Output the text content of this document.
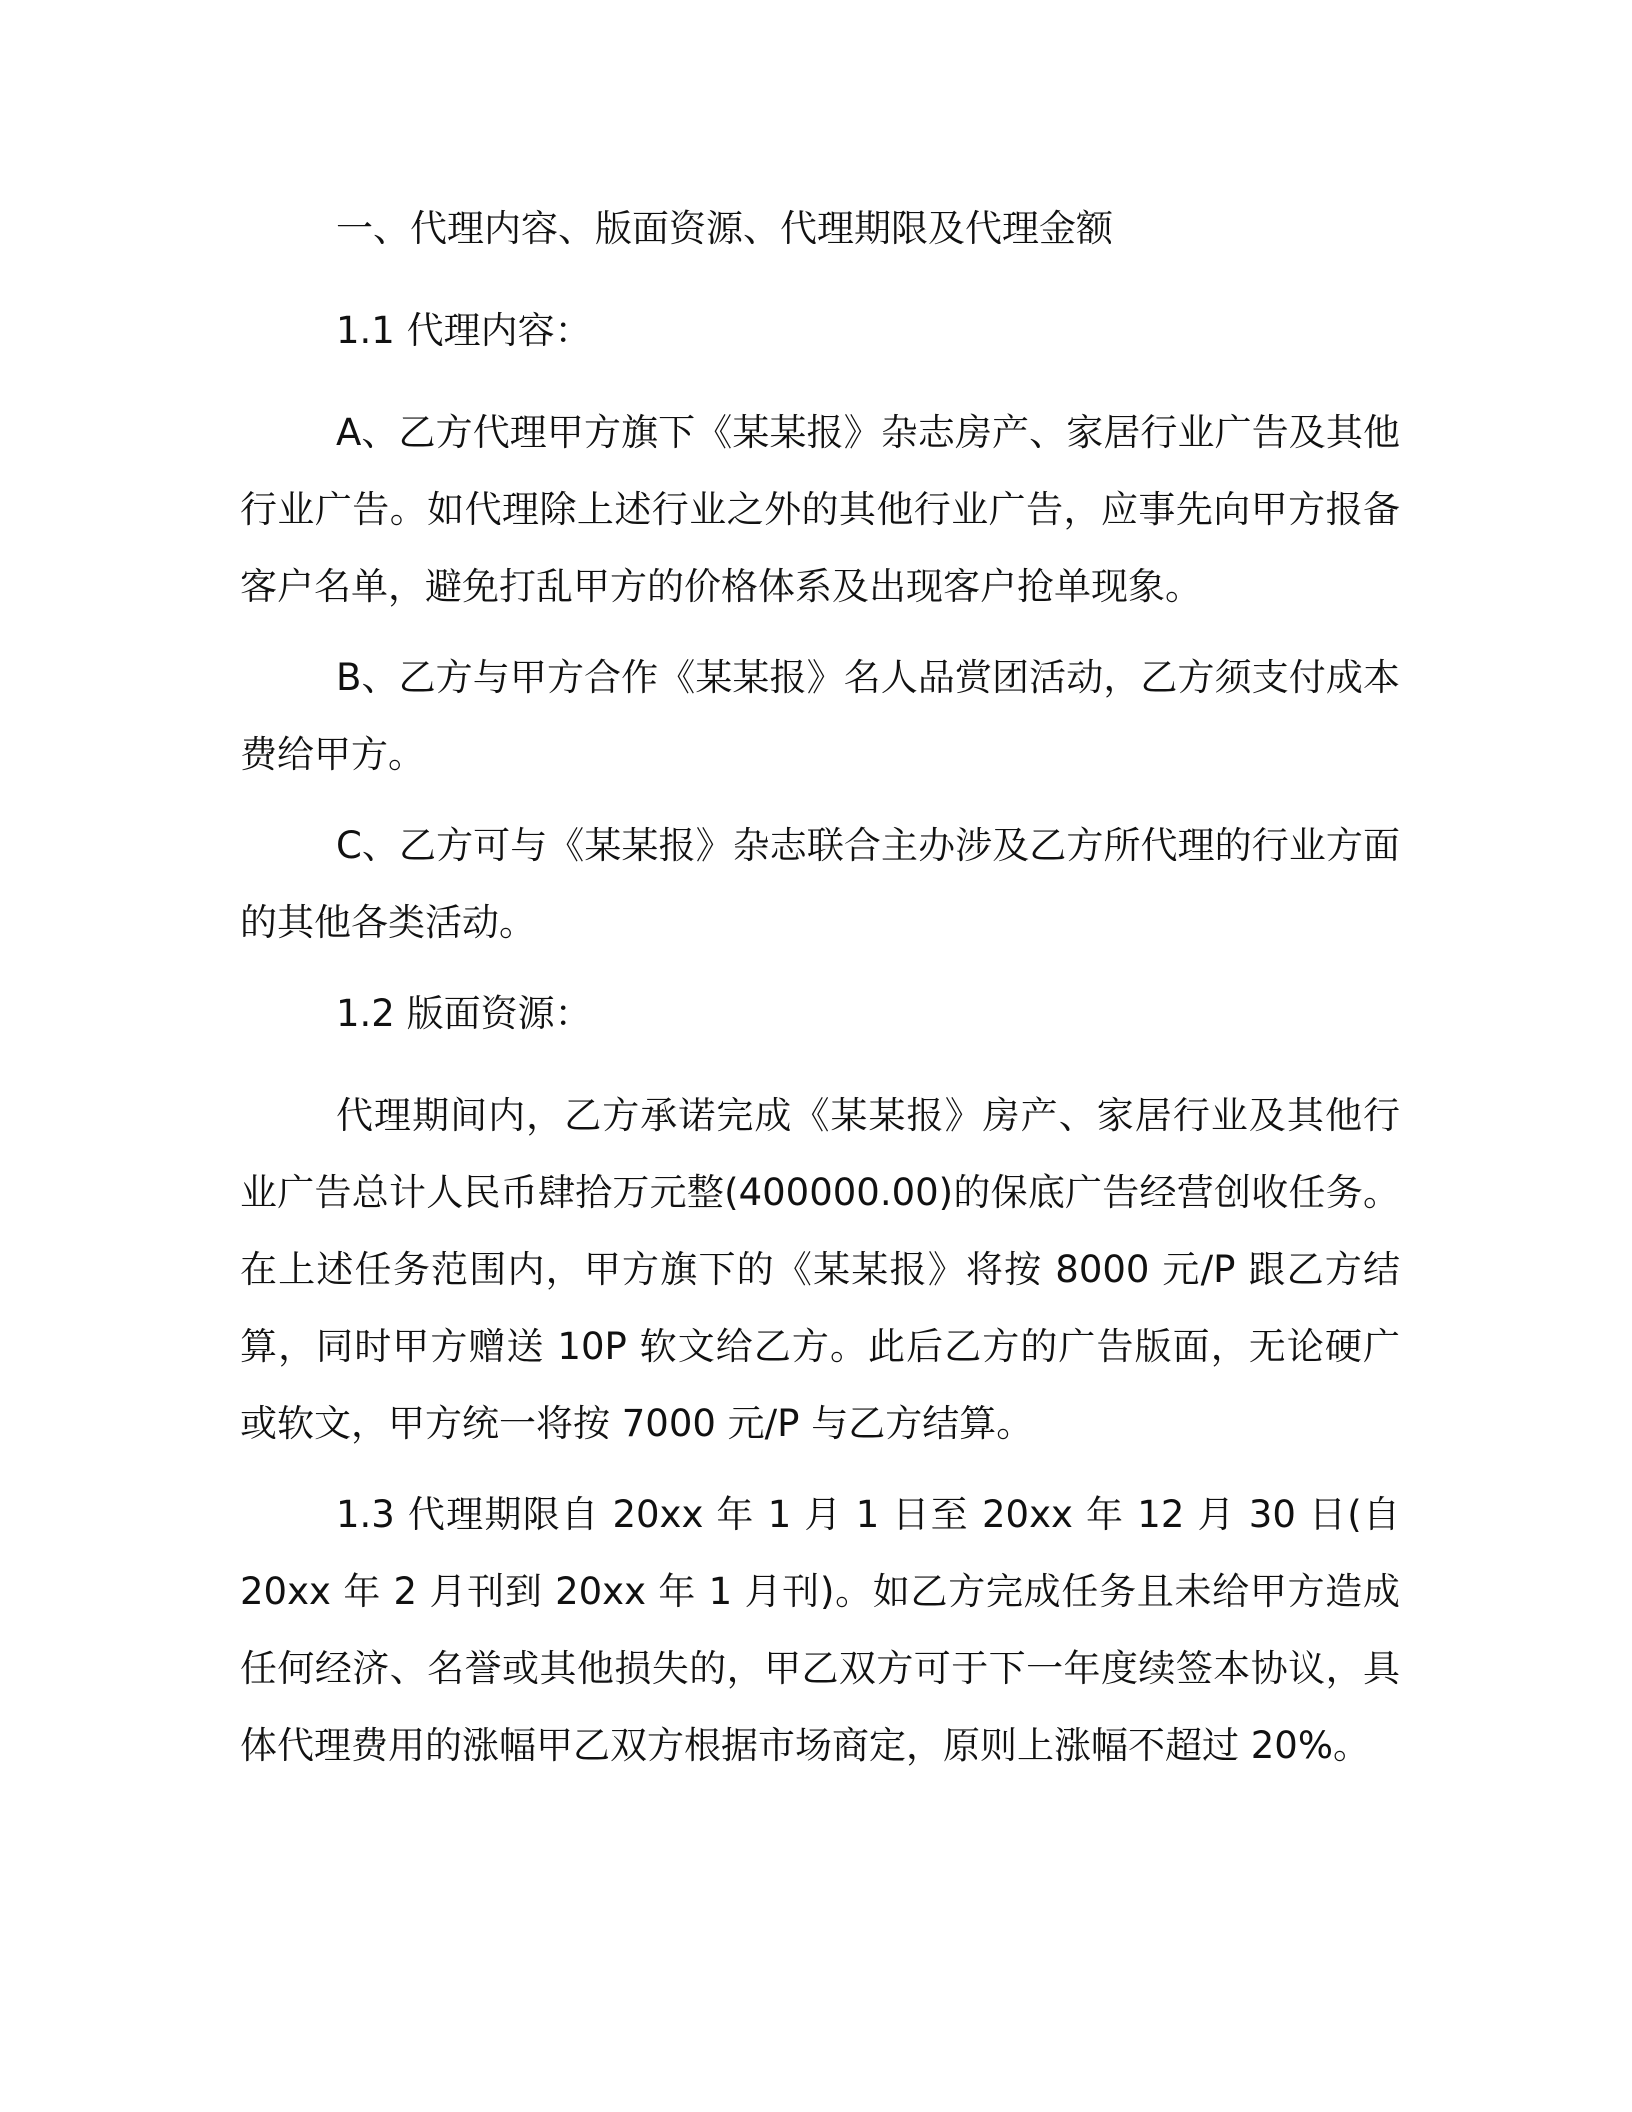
一、代理内容、版面资源、代理期限及代理金额

1.1 代理内容：

A、乙方代理甲方旗下《某某报》杂志房产、家居行业广告及其他行业广告。如代理除上述行业之外的其他行业广告，应事先向甲方报备客户名单，避免打乱甲方的价格体系及出现客户抢单现象。

B、乙方与甲方合作《某某报》名人品赏团活动，乙方须支付成本费给甲方。

C、乙方可与《某某报》杂志联合主办涉及乙方所代理的行业方面的其他各类活动。

1.2 版面资源：

代理期间内，乙方承诺完成《某某报》房产、家居行业及其他行业广告总计人民币肆拾万元整(400000.00)的保底广告经营创收任务。在上述任务范围内，甲方旗下的《某某报》将按 8000 元/P 跟乙方结算，同时甲方赠送 10P 软文给乙方。此后乙方的广告版面，无论硬广或软文，甲方统一将按 7000 元/P 与乙方结算。

1.3 代理期限自 20xx 年 1 月 1 日至 20xx 年 12 月 30 日(自 20xx 年 2 月刊到 20xx 年 1 月刊)。如乙方完成任务且未给甲方造成任何经济、名誉或其他损失的，甲乙双方可于下一年度续签本协议，具体代理费用的涨幅甲乙双方根据市场商定，原则上涨幅不超过 20%。
